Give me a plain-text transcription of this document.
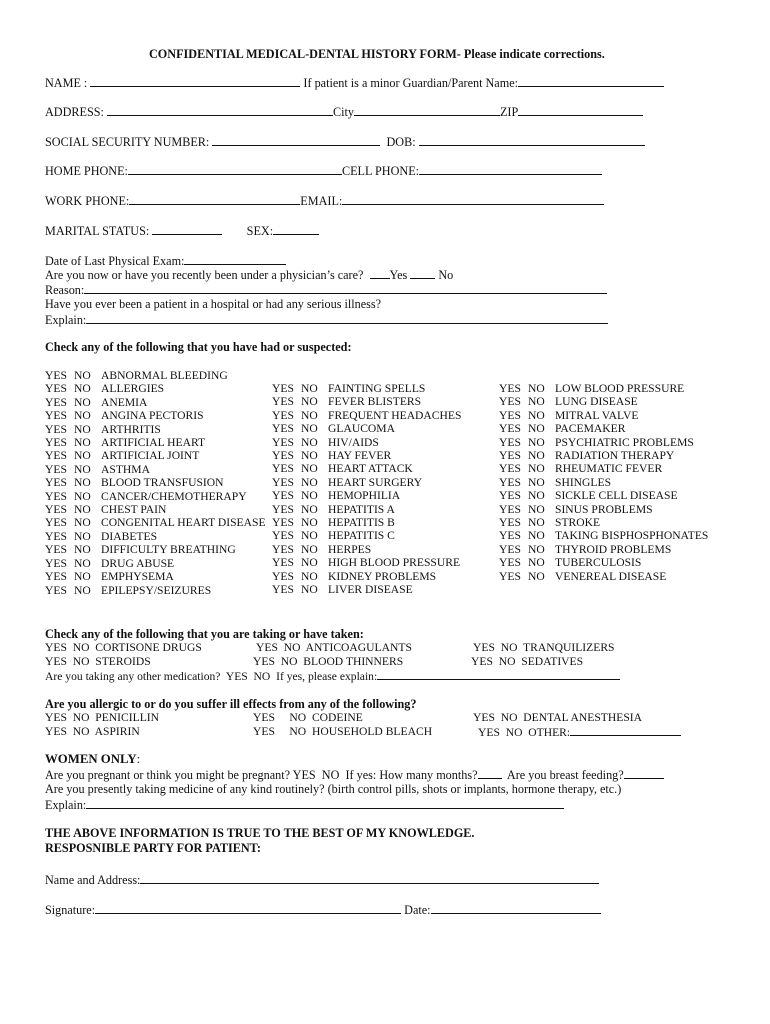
CONFIDENTIAL MEDICAL-DENTAL HISTORY FORM- Please indicate corrections.
NAME :	If patient is a minor Guardian/Parent Name:
ADDRESS:	City	ZIP
SOCIAL SECURITY NUMBER:	DOB:
HOME PHONE:	CELL PHONE:
WORK PHONE:	EMAIL:
MARITAL STATUS:	SEX:
Date of Last Physical Exam:
Are you now or have you recently been under a physician’s care? Yes	No
Reason:
Have you ever been a patient in a hospital or had any serious illness?
Explain:
Check any of the following that you have had or suspected:
YES NO ABNORMAL BLEEDING
YES NO ALLERGIES
YES NO ANEMIA
YES NO ANGINA PECTORIS
YES NO ARTHRITIS
YES NO ARTIFICIAL HEART
YES NO ARTIFICIAL JOINT
YES NO ASTHMA
YES NO BLOOD TRANSFUSION
YES NO CANCER/CHEMOTHERAPY
YES NO CHEST PAIN
YES NO CONGENITAL HEART DISEASE
YES NO DIABETES
YES NO DIFFICULTY BREATHING
YES NO DRUG ABUSE
YES NO EMPHYSEMA
YES NO EPILEPSY/SEIZURES
YES NO FAINTING SPELLS
YES NO FEVER BLISTERS
YES NO FREQUENT HEADACHES
YES NO GLAUCOMA
YES NO HIV/AIDS
YES NO HAY FEVER
YES NO HEART ATTACK
YES NO HEART SURGERY
YES NO HEMOPHILIA
YES NO HEPATITIS A
YES NO HEPATITIS B
YES NO HEPATITIS C
YES NO HERPES
YES NO HIGH BLOOD PRESSURE
YES NO KIDNEY PROBLEMS
YES NO LIVER DISEASE
YES NO LOW BLOOD PRESSURE
YES NO LUNG DISEASE
YES NO MITRAL VALVE
YES NO PACEMAKER
YES NO PSYCHIATRIC PROBLEMS
YES NO RADIATION THERAPY
YES NO RHEUMATIC FEVER
YES NO SHINGLES
YES NO SICKLE CELL DISEASE
YES NO SINUS PROBLEMS
YES NO STROKE
YES NO TAKING BISPHOSPHONATES
YES NO THYROID PROBLEMS
YES NO TUBERCULOSIS
YES NO VENEREAL DISEASE
Check any of the following that you are taking or have taken:
YES NO CORTISONE DRUGS	YES NO ANTICOAGULANTS	YES NO TRANQUILIZERS
YES NO STEROIDS	YES NO BLOOD THINNERS	YES NO SEDATIVES
Are you taking any other medication? YES  NO If yes, please explain:
Are you allergic to or do you suffer ill effects from any of the following?
YES NO PENICILLIN	YES NO CODEINE	YES NO DENTAL ANESTHESIA
YES NO ASPIRIN	YES NO HOUSEHOLD BLEACH	YES NO OTHER:
WOMEN ONLY:
Are you pregnant or think you might be pregnant? YES  NO If yes: How many months? Are you breast feeding?
Are you presently taking medicine of any kind routinely? (birth control pills, shots or implants, hormone therapy, etc.)
Explain:
THE ABOVE INFORMATION IS TRUE TO THE BEST OF MY KNOWLEDGE.
RESPOSNIBLE PARTY FOR PATIENT:
Name and Address:
Signature:	Date:
